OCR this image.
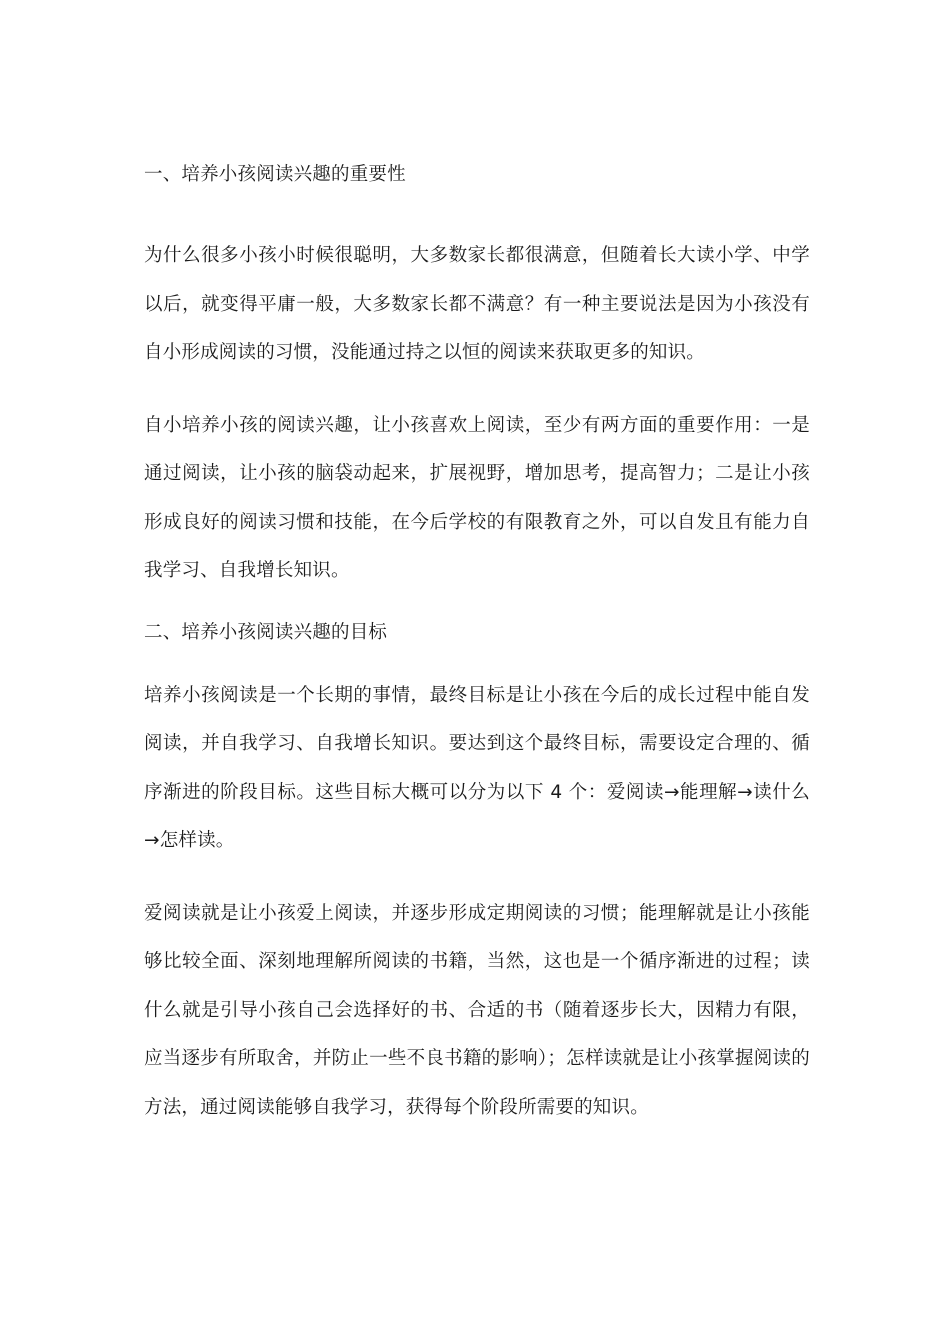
一、培养小孩阅读兴趣的重要性

为什么很多小孩小时候很聪明，大多数家长都很满意，但随着长大读小学、中学以后，就变得平庸一般，大多数家长都不满意？有一种主要说法是因为小孩没有自小形成阅读的习惯，没能通过持之以恒的阅读来获取更多的知识。

自小培养小孩的阅读兴趣，让小孩喜欢上阅读，至少有两方面的重要作用：一是通过阅读，让小孩的脑袋动起来，扩展视野，增加思考，提高智力；二是让小孩形成良好的阅读习惯和技能，在今后学校的有限教育之外，可以自发且有能力自我学习、自我增长知识。

二、培养小孩阅读兴趣的目标

培养小孩阅读是一个长期的事情，最终目标是让小孩在今后的成长过程中能自发阅读，并自我学习、自我增长知识。要达到这个最终目标，需要设定合理的、循序渐进的阶段目标。这些目标大概可以分为以下 4 个：爱阅读→能理解→读什么→怎样读。

爱阅读就是让小孩爱上阅读，并逐步形成定期阅读的习惯；能理解就是让小孩能够比较全面、深刻地理解所阅读的书籍，当然，这也是一个循序渐进的过程；读什么就是引导小孩自己会选择好的书、合适的书（随着逐步长大，因精力有限，应当逐步有所取舍，并防止一些不良书籍的影响）；怎样读就是让小孩掌握阅读的方法，通过阅读能够自我学习，获得每个阶段所需要的知识。
